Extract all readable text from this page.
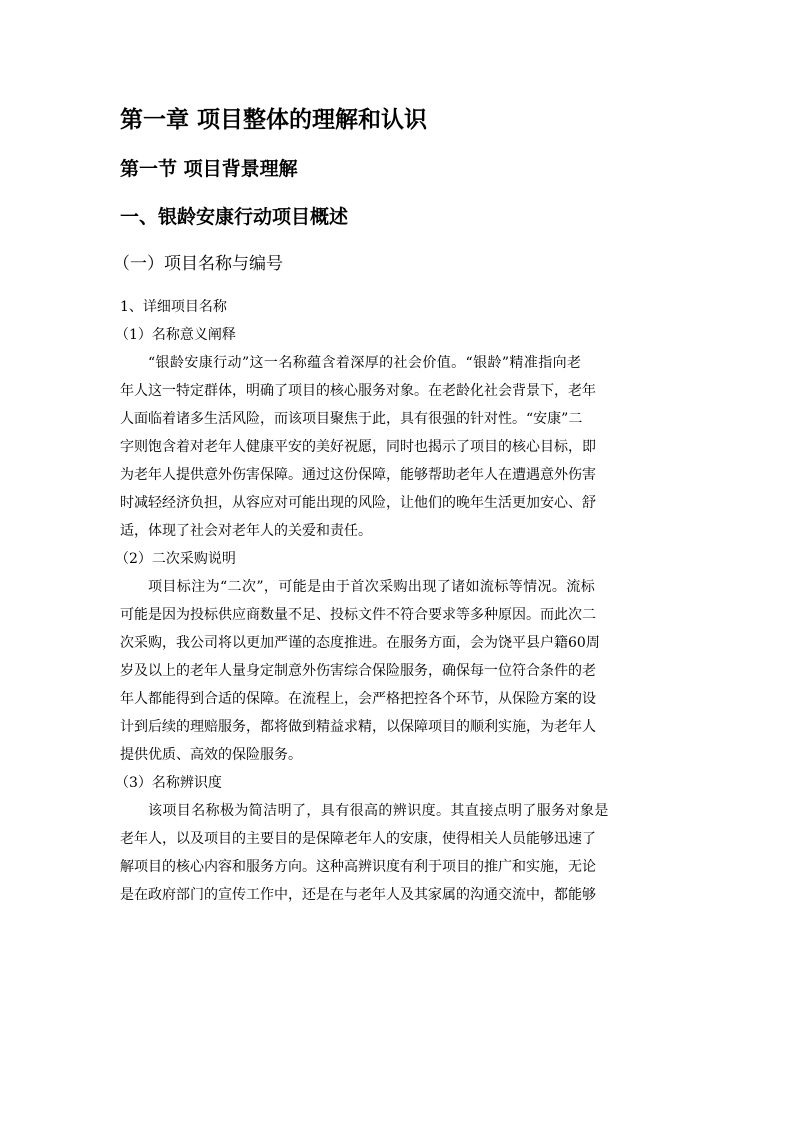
第一章 项目整体的理解和认识
第一节 项目背景理解
一、银龄安康行动项目概述
（一）项目名称与编号
1、详细项目名称
（1）名称意义阐释
“银龄安康行动”这一名称蕴含着深厚的社会价值。“银龄”精准指向老
年人这一特定群体，明确了项目的核心服务对象。在老龄化社会背景下，老年
人面临着诸多生活风险，而该项目聚焦于此，具有很强的针对性。“安康”二
字则饱含着对老年人健康平安的美好祝愿，同时也揭示了项目的核心目标，即
为老年人提供意外伤害保障。通过这份保障，能够帮助老年人在遭遇意外伤害
时减轻经济负担，从容应对可能出现的风险，让他们的晚年生活更加安心、舒
适，体现了社会对老年人的关爱和责任。
（2）二次采购说明
项目标注为“二次”，可能是由于首次采购出现了诸如流标等情况。流标
可能是因为投标供应商数量不足、投标文件不符合要求等多种原因。而此次二
次采购，我公司将以更加严谨的态度推进。在服务方面，会为饶平县户籍60周
岁及以上的老年人量身定制意外伤害综合保险服务，确保每一位符合条件的老
年人都能得到合适的保障。在流程上，会严格把控各个环节，从保险方案的设
计到后续的理赔服务，都将做到精益求精，以保障项目的顺利实施，为老年人
提供优质、高效的保险服务。
（3）名称辨识度
该项目名称极为简洁明了，具有很高的辨识度。其直接点明了服务对象是
老年人，以及项目的主要目的是保障老年人的安康，使得相关人员能够迅速了
解项目的核心内容和服务方向。这种高辨识度有利于项目的推广和实施，无论
是在政府部门的宣传工作中，还是在与老年人及其家属的沟通交流中，都能够
